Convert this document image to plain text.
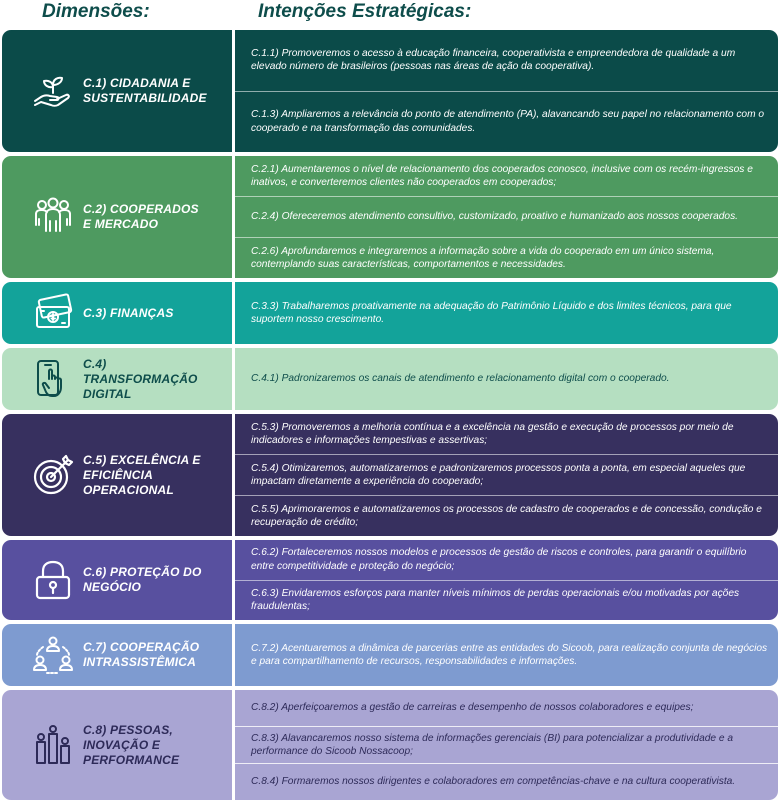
Dimensões:	Intenções Estratégicas:
C.1) CIDADANIA E SUSTENTABILIDADE
C.1.1) Promoveremos o acesso à educação financeira, cooperativista e empreendedora de qualidade a um elevado número de brasileiros (pessoas nas áreas de ação da cooperativa).
C.1.3) Ampliaremos a relevância do ponto de atendimento (PA), alavancando seu papel no relacionamento com o cooperado e na transformação das comunidades.
C.2) COOPERADOS E MERCADO
C.2.1) Aumentaremos o nível de relacionamento dos cooperados conosco, inclusive com os recém-ingressos e inativos, e converteremos clientes não cooperados em cooperados;
C.2.4) Ofereceremos atendimento consultivo, customizado, proativo e humanizado aos nossos cooperados.
C.2.6) Aprofundaremos e integraremos a informação sobre a vida do cooperado em um único sistema, contemplando suas características, comportamentos e necessidades.
C.3) FINANÇAS	C.3.3) Trabalharemos proativamente na adequação do Patrimônio Líquido e dos limites técnicos, para que suportem nosso crescimento.
C.4) TRANSFORMAÇÃO DIGITAL
C.4.1) Padronizaremos os canais de atendimento e relacionamento digital com o cooperado.
C.5) EXCELÊNCIA E EFICIÊNCIA OPERACIONAL
C.5.3) Promoveremos a melhoria contínua e a excelência na gestão e execução de processos por meio de indicadores e informações tempestivas e assertivas;
C.5.4) Otimizaremos, automatizaremos e padronizaremos processos ponta a ponta, em especial aqueles que impactam diretamente a experiência do cooperado;
C.5.5) Aprimoraremos e automatizaremos os processos de cadastro de cooperados e de concessão, condução e recuperação de crédito;
C.6) PROTEÇÃO DO NEGÓCIO
C.6.2) Fortaleceremos nossos modelos e processos de gestão de riscos e controles, para garantir o equilíbrio entre competitividade e proteção do negócio;
C.6.3) Envidaremos esforços para manter níveis mínimos de perdas operacionais e/ou motivadas por ações fraudulentas;
C.7) COOPERAÇÃO INTRASSISTÊMICA
C.7.2) Acentuaremos a dinâmica de parcerias entre as entidades do Sicoob, para realização conjunta de negócios e para compartilhamento de recursos, responsabilidades e informações.
C.8) PESSOAS, INOVAÇÃO E PERFORMANCE
C.8.2) Aperfeiçoaremos a gestão de carreiras e desempenho de nossos colaboradores e equipes;
C.8.3) Alavancaremos nosso sistema de informações gerenciais (BI) para potencializar a produtividade e a performance do Sicoob Nossacoop;
C.8.4) Formaremos nossos dirigentes e colaboradores em competências-chave e na cultura cooperativista.
